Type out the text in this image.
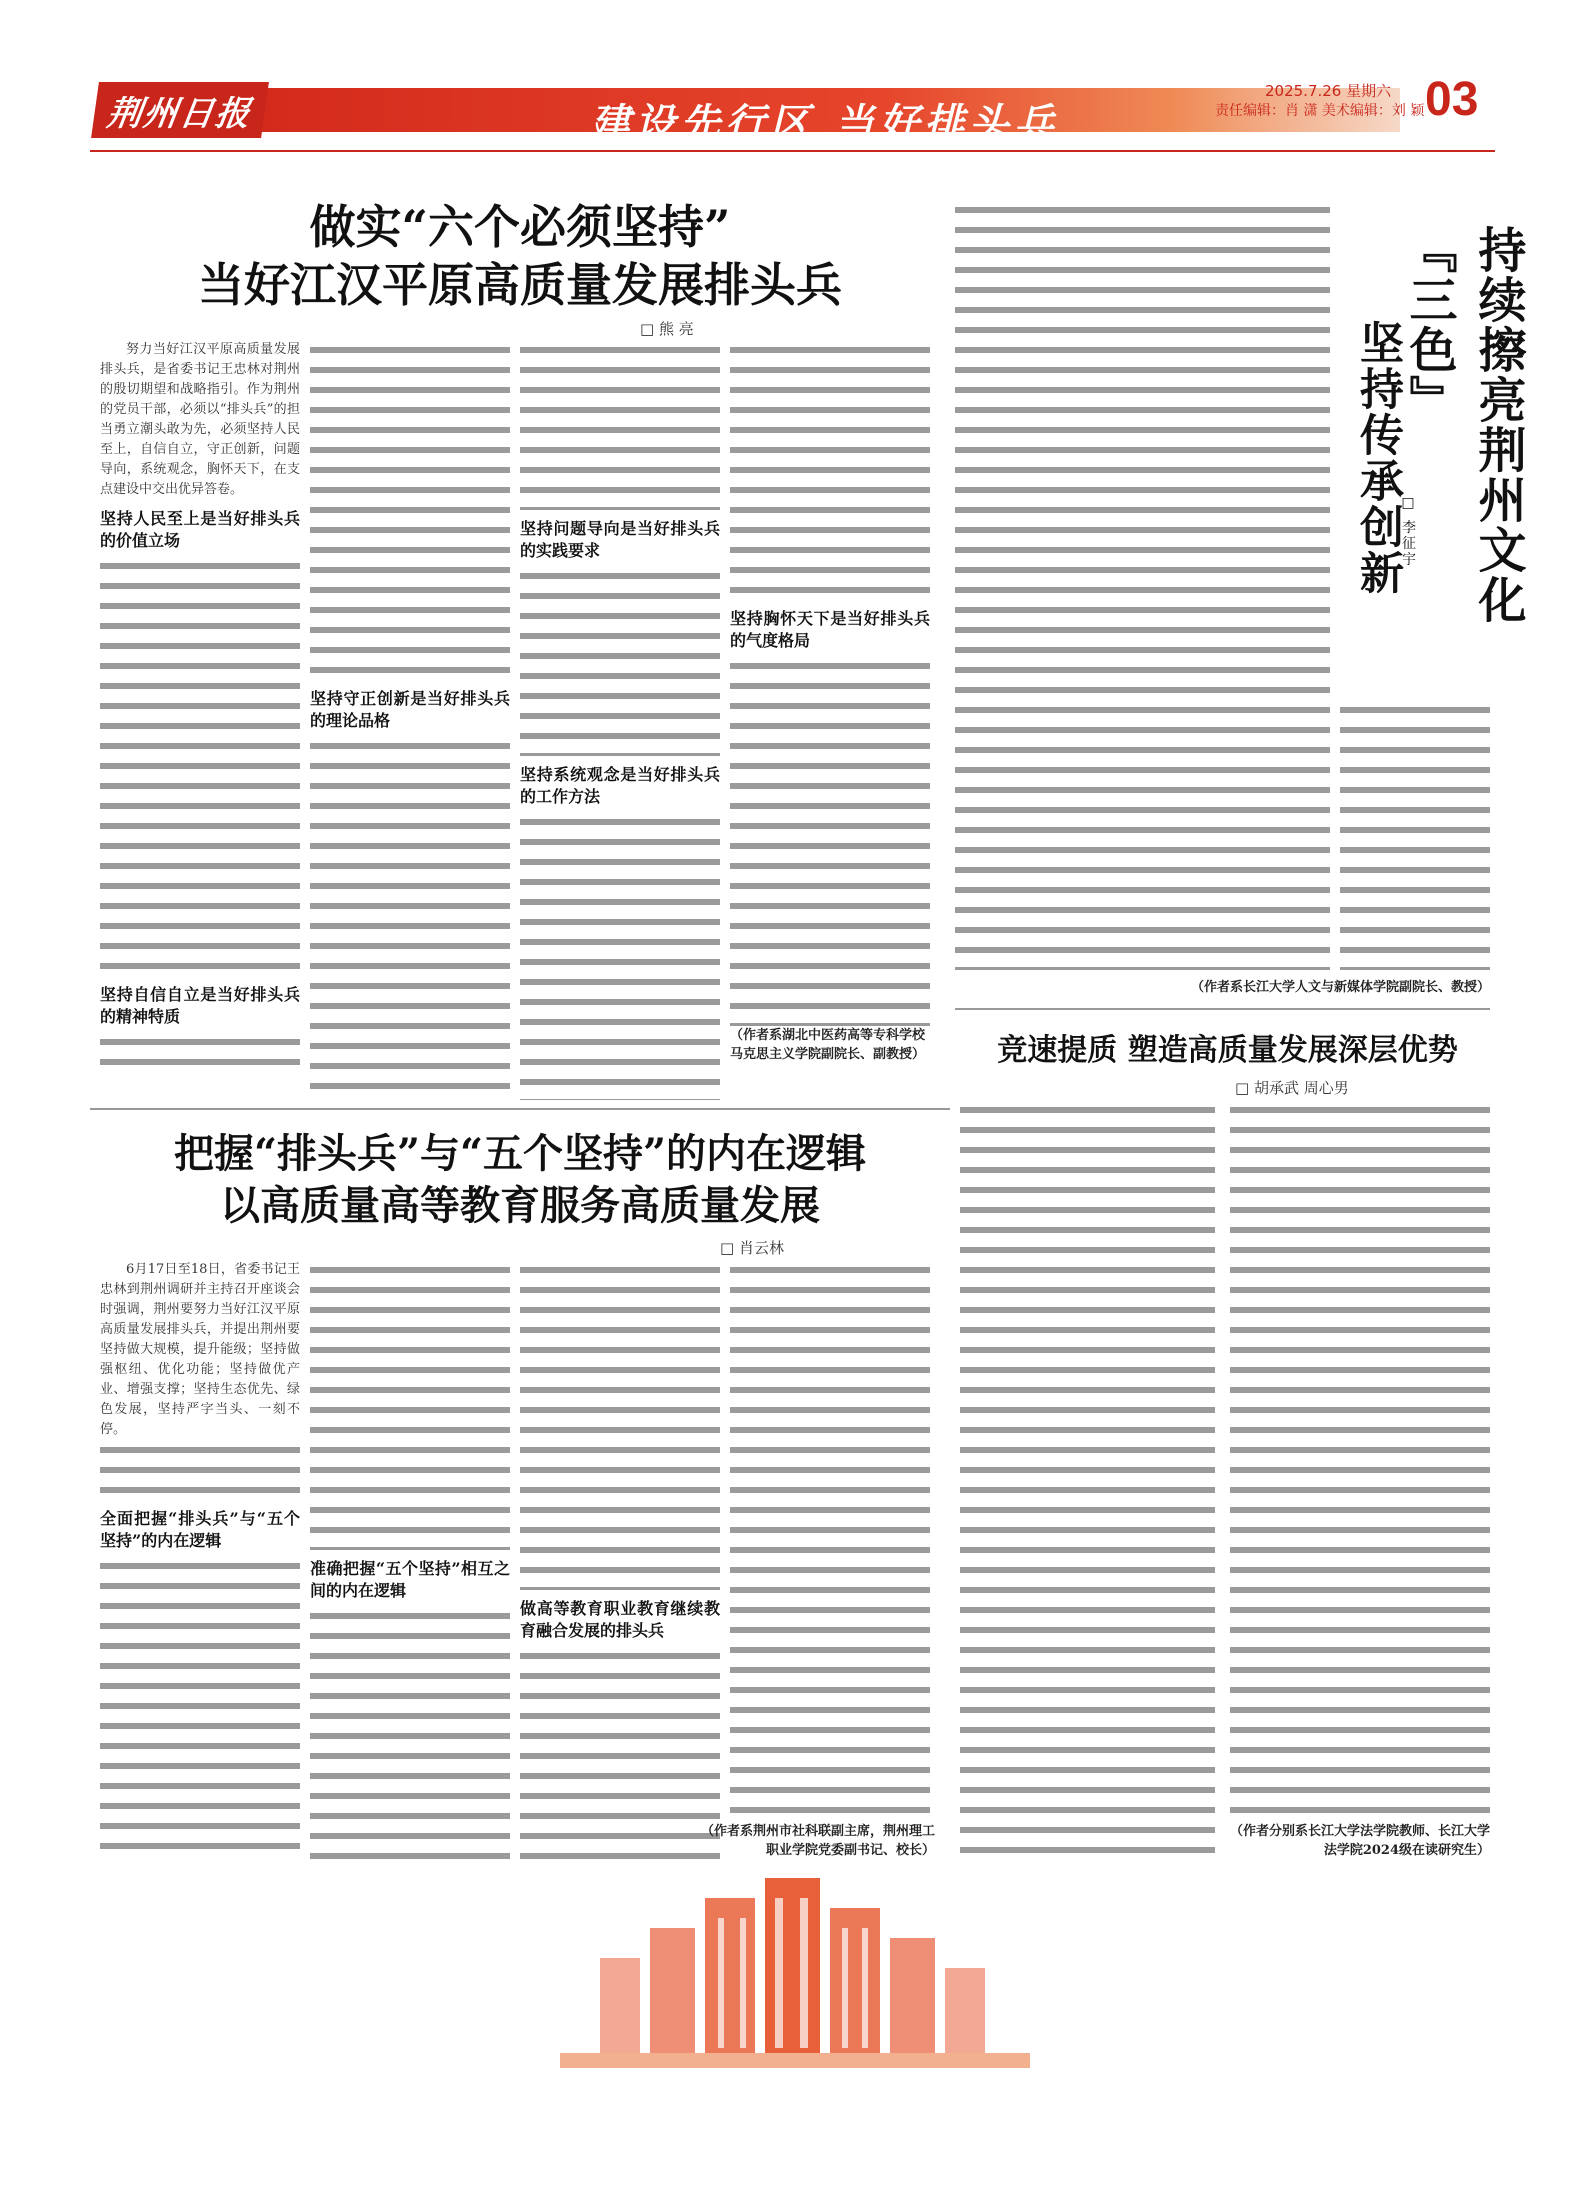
荆州日报	建设先行区 当好排头兵
2025.7.26 星期六
责任编辑：肖 潇 美术编辑：刘 颖 03
做实“六个必须坚持”
当好江汉平原高质量发展排头兵
□ 熊 亮

努力当好江汉平原高质量发展排头兵，是省委书记王忠林对荆州的殷切期望和战略指引。作为荆州的党员干部，必须以“排头兵”的担当勇立潮头敢为先，必须坚持人民至上，自信自立，守正创新，问题导向，系统观念，胸怀天下，在支点建设中交出优异答卷。

坚持人民至上是当好排头兵的价值立场
坚持自信自立是当好排头兵的精神特质
坚持守正创新是当好排头兵的理论品格
坚持问题导向是当好排头兵的实践要求
坚持系统观念是当好排头兵的工作方法
坚持胸怀天下是当好排头兵的气度格局
（作者系湖北中医药高等专科学校马克思主义学院副院长、副教授）
持续擦亮荆州文化『三色』
坚持传承创新
□ 李征宇
（作者系长江大学人文与新媒体学院副院长、教授）
把握“排头兵”与“五个坚持”的内在逻辑
以高质量高等教育服务高质量发展
□ 肖云林

6月17日至18日，省委书记王忠林到荆州调研并主持召开座谈会时强调，荆州要努力当好江汉平原高质量发展排头兵，并提出荆州要坚持做大规模，提升能级；坚持做强枢纽、优化功能；坚持做优产业、增强支撑；坚持生态优先、绿色发展，坚持严字当头、一刻不停。

全面把握“排头兵”与“五个坚持”的内在逻辑
准确把握“五个坚持”相互之间的内在逻辑
做高等教育职业教育继续教育融合发展的排头兵
（作者系荆州市社科联副主席，荆州理工职业学院党委副书记、校长）
竞速提质 塑造高质量发展深层优势
□ 胡承武 周心男
（作者分别系长江大学法学院教师、长江大学法学院2024级在读研究生）
